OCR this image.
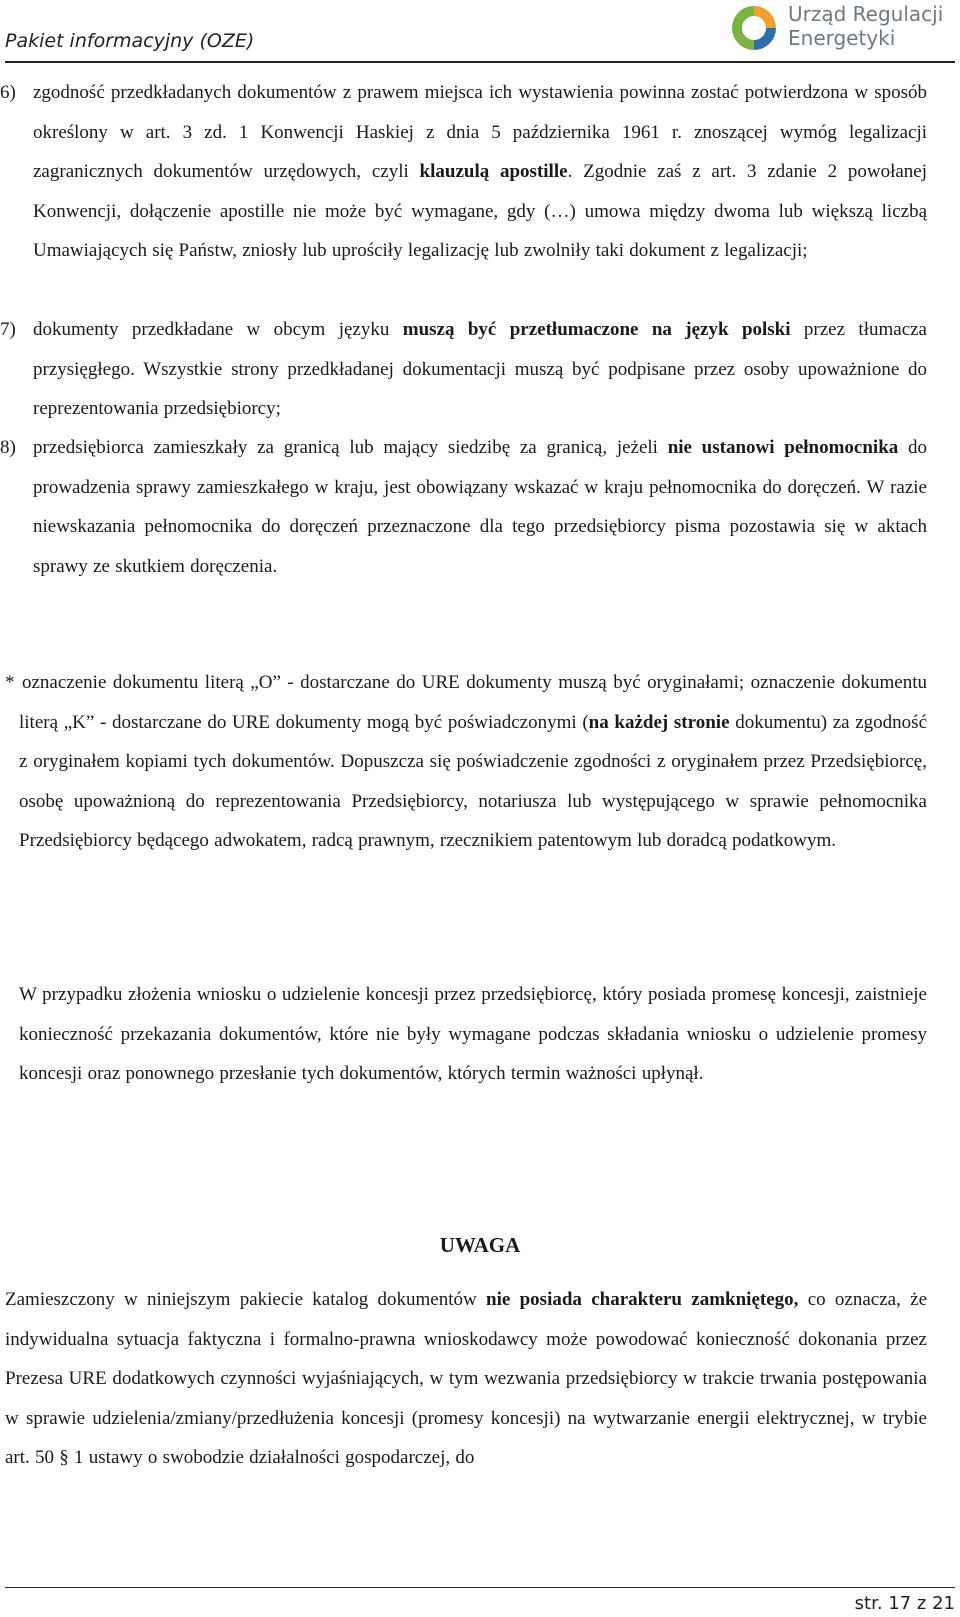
Pakiet informacyjny (OZE)
Urząd Regulacji
Energetyki
6) zgodność przedkładanych dokumentów z prawem miejsca ich wystawienia powinna zostać potwierdzona w sposób określony w art. 3 zd. 1 Konwencji Haskiej z dnia 5 października 1961 r. znoszącej wymóg legalizacji zagranicznych dokumentów urzędowych, czyli klauzulą apostille. Zgodnie zaś z art. 3 zdanie 2 powołanej Konwencji, dołączenie apostille nie może być wymagane, gdy (…) umowa między dwoma lub większą liczbą Umawiających się Państw, zniosły lub uprościły legalizację lub zwolniły taki dokument z legalizacji;
7) dokumenty przedkładane w obcym języku muszą być przetłumaczone na język polski przez tłumacza przysięgłego. Wszystkie strony przedkładanej dokumentacji muszą być podpisane przez osoby upoważnione do reprezentowania przedsiębiorcy;
8) przedsiębiorca zamieszkały za granicą lub mający siedzibę za granicą, jeżeli nie ustanowi pełnomocnika do prowadzenia sprawy zamieszkałego w kraju, jest obowiązany wskazać w kraju pełnomocnika do doręczeń. W razie niewskazania pełnomocnika do doręczeń przeznaczone dla tego przedsiębiorcy pisma pozostawia się w aktach sprawy ze skutkiem doręczenia.
* oznaczenie dokumentu literą „O” - dostarczane do URE dokumenty muszą być oryginałami; oznaczenie dokumentu literą „K” - dostarczane do URE dokumenty mogą być poświadczonymi (na każdej stronie dokumentu) za zgodność z oryginałem kopiami tych dokumentów. Dopuszcza się poświadczenie zgodności z oryginałem przez Przedsiębiorcę, osobę upoważnioną do reprezentowania Przedsiębiorcy, notariusza lub występującego w sprawie pełnomocnika Przedsiębiorcy będącego adwokatem, radcą prawnym, rzecznikiem patentowym lub doradcą podatkowym.
W przypadku złożenia wniosku o udzielenie koncesji przez przedsiębiorcę, który posiada promesę koncesji, zaistnieje konieczność przekazania dokumentów, które nie były wymagane podczas składania wniosku o udzielenie promesy koncesji oraz ponownego przesłanie tych dokumentów, których termin ważności upłynął.
UWAGA
Zamieszczony w niniejszym pakiecie katalog dokumentów nie posiada charakteru zamkniętego, co oznacza, że indywidualna sytuacja faktyczna i formalno-prawna wnioskodawcy może powodować konieczność dokonania przez Prezesa URE dodatkowych czynności wyjaśniających, w tym wezwania przedsiębiorcy w trakcie trwania postępowania w sprawie udzielenia/zmiany/przedłużenia koncesji (promesy koncesji) na wytwarzanie energii elektrycznej, w trybie art. 50 § 1 ustawy o swobodzie działalności gospodarczej, do
str. 17 z 21
